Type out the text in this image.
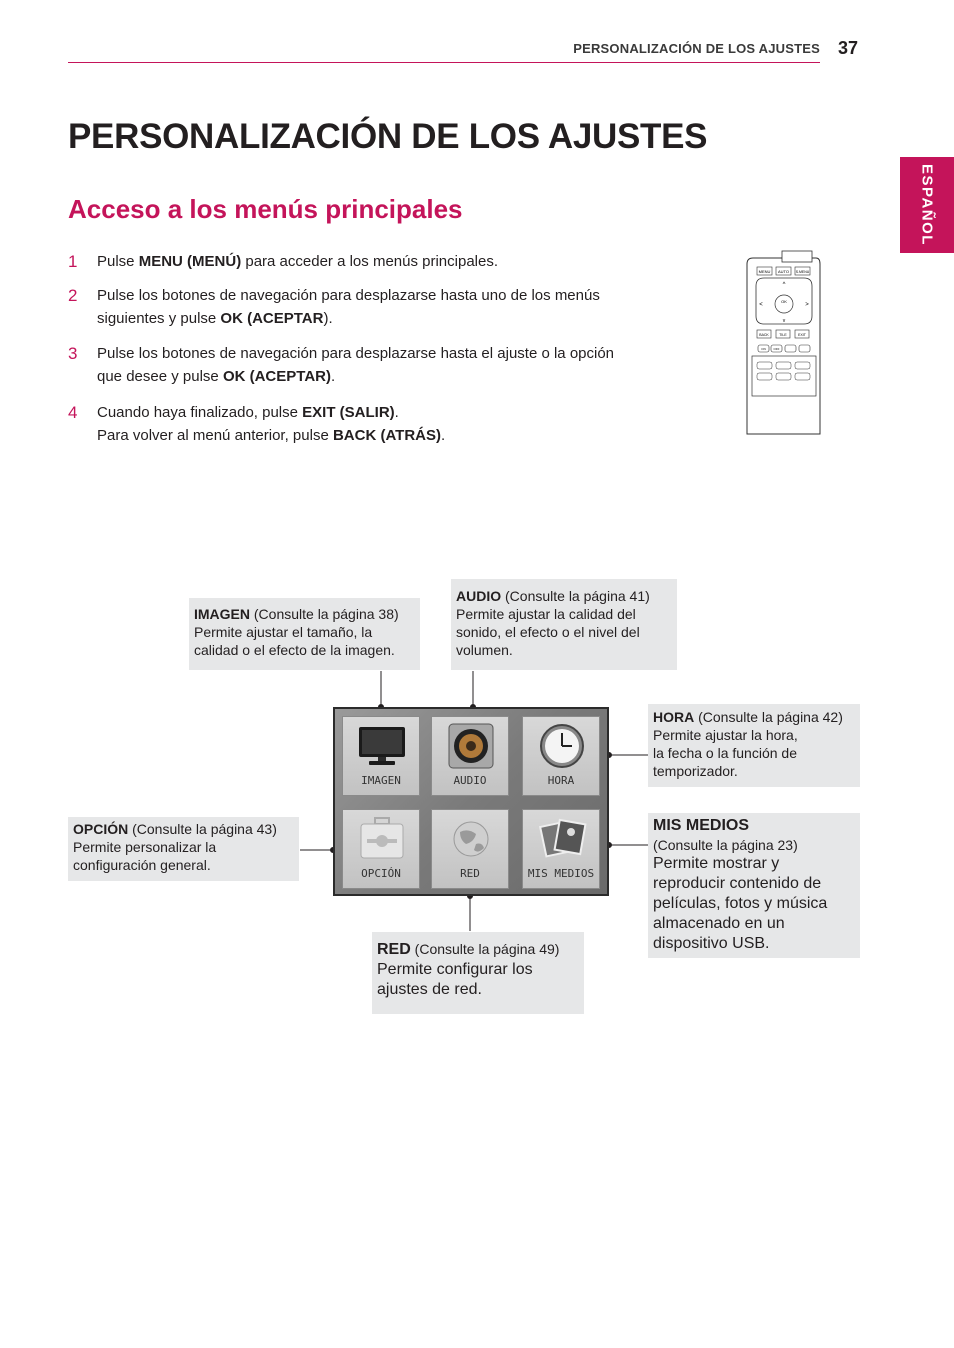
PERSONALIZACIÓN DE LOS AJUSTES 37
ESPAÑOL
PERSONALIZACIÓN DE LOS AJUSTES
Acceso a los menús principales
1 Pulse MENU (MENÚ) para acceder a los menús principales.
2 Pulse los botones de navegación para desplazarse hasta uno de los menús siguientes y pulse OK (ACEPTAR).
3 Pulse los botones de navegación para desplazarse hasta el ajuste o la opción que desee y pulse OK (ACEPTAR).
4 Cuando haya finalizado, pulse EXIT (SALIR).
Para volver al menú anterior, pulse BACK (ATRÁS).
MENU AUTO S.MENU
OK
^
v
<	>
BACK	TILE	EXIT
ON	OFF
IMAGEN (Consulte la página 38)
Permite ajustar el tamaño, la calidad o el efecto de la imagen.
AUDIO (Consulte la página 41)
Permite ajustar la calidad del sonido, el efecto o el nivel del volumen.
HORA (Consulte la página 42)
Permite ajustar la hora,
la fecha o la función de temporizador.
OPCIÓN (Consulte la página 43)
Permite personalizar la configuración general.
MIS MEDIOS
(Consulte la página 23)

Permite mostrar y reproducir contenido de películas, fotos y música almacenado en un dispositivo USB.
RED (Consulte la página 49)

Permite configurar los ajustes de red.
IMAGEN	AUDIO	HORA
OPCIÓN	RED	MIS MEDIOS
